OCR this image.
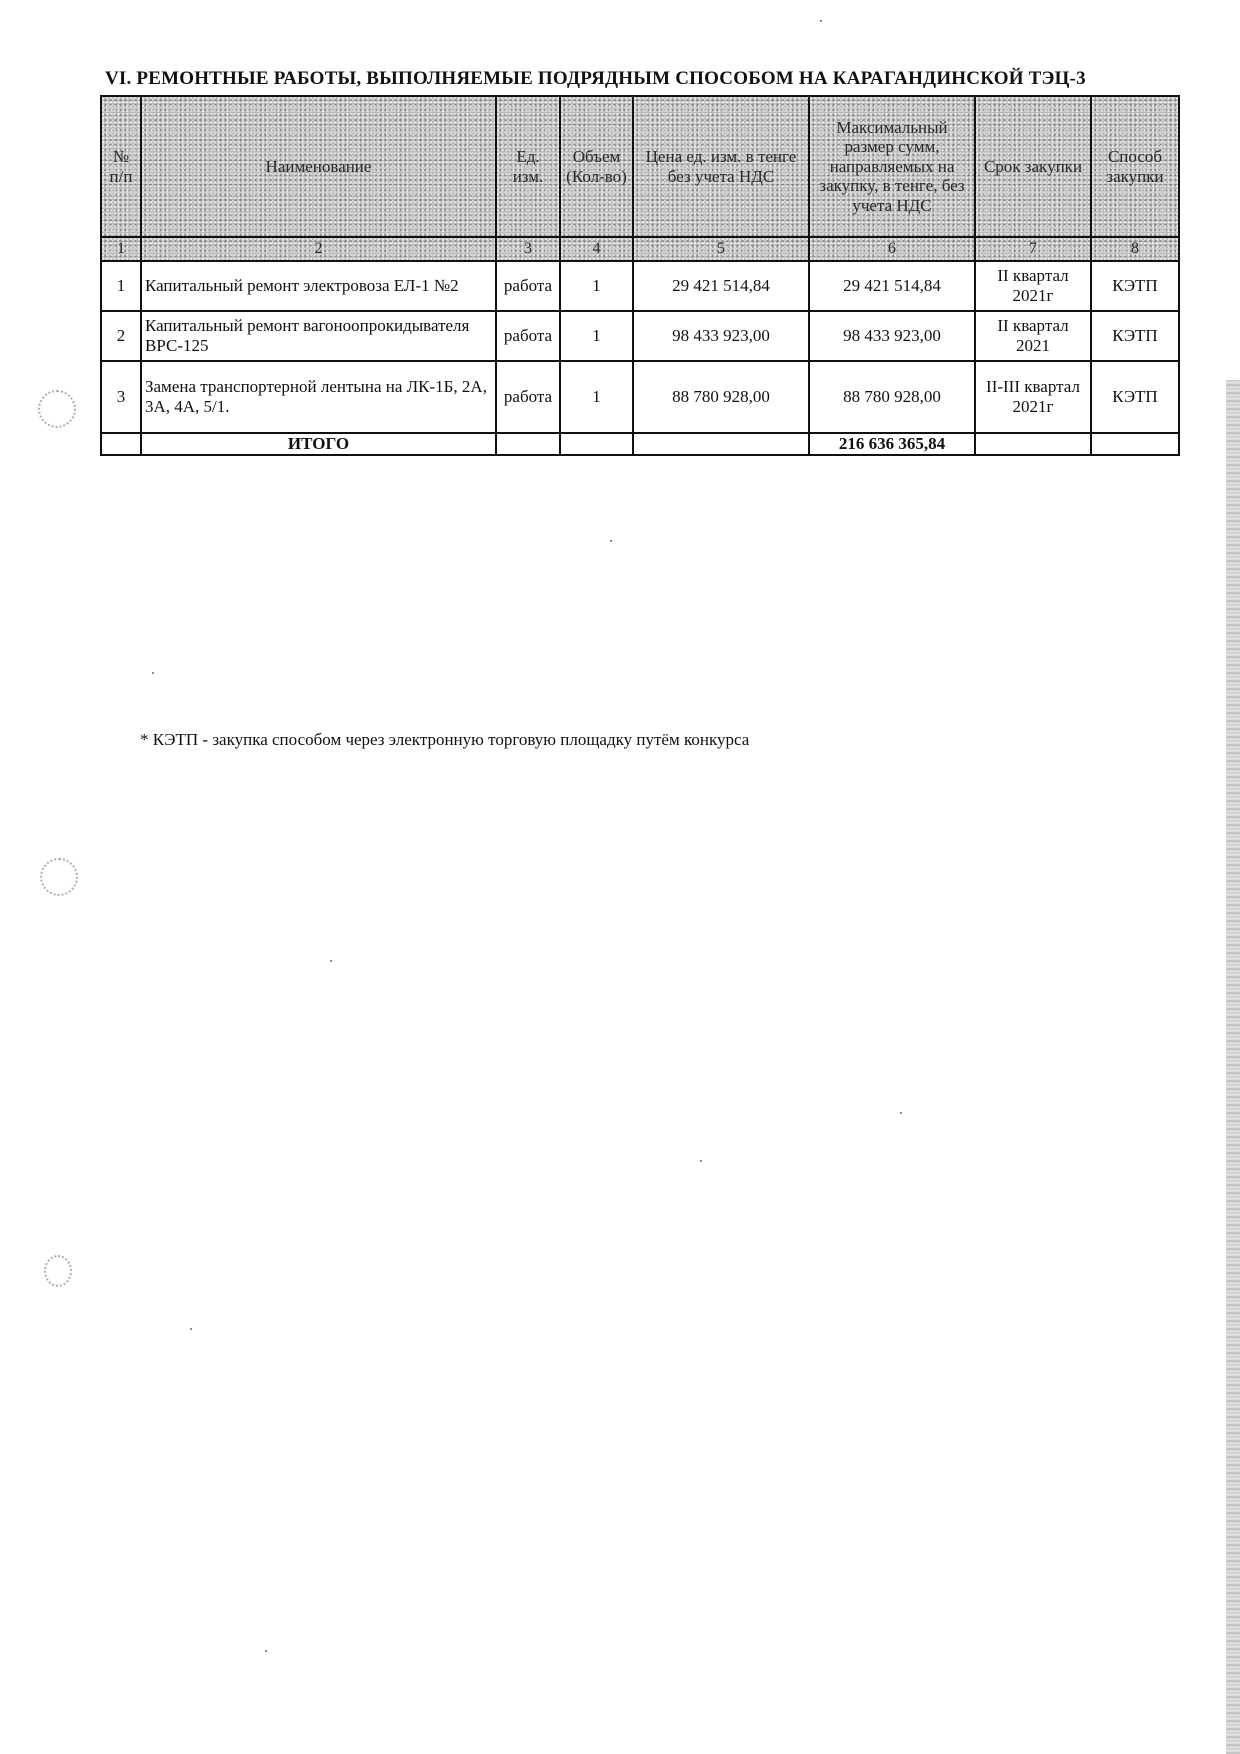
VI. РЕМОНТНЫЕ РАБОТЫ, ВЫПОЛНЯЕМЫЕ ПОДРЯДНЫМ СПОСОБОМ НА КАРАГАНДИНСКОЙ ТЭЦ-3
№ п/п	Наименование	Ед. изм.	Объем (Кол-во)	Цена ед. изм. в тенге без учета НДС	Максимальный размер сумм, направляемых на закупку, в тенге, без учета НДС	Срок закупки	Способ закупки
1	2	3	4	5	6	7	8
1	Капитальный ремонт электровоза ЕЛ-1 №2	работа	1	29 421 514,84	29 421 514,84	II квартал 2021г	КЭТП
2	Капитальный ремонт вагоноопрокидывателя ВРС-125	работа	1	98 433 923,00	98 433 923,00	II квартал 2021	КЭТП
3	Замена транспортерной лентына на ЛК-1Б, 2А, 3А, 4А, 5/1.	работа	1	88 780 928,00	88 780 928,00	II-III квартал 2021г	КЭТП
	ИТОГО				216 636 365,84		
* КЭТП - закупка способом через электронную торговую площадку путём конкурса
